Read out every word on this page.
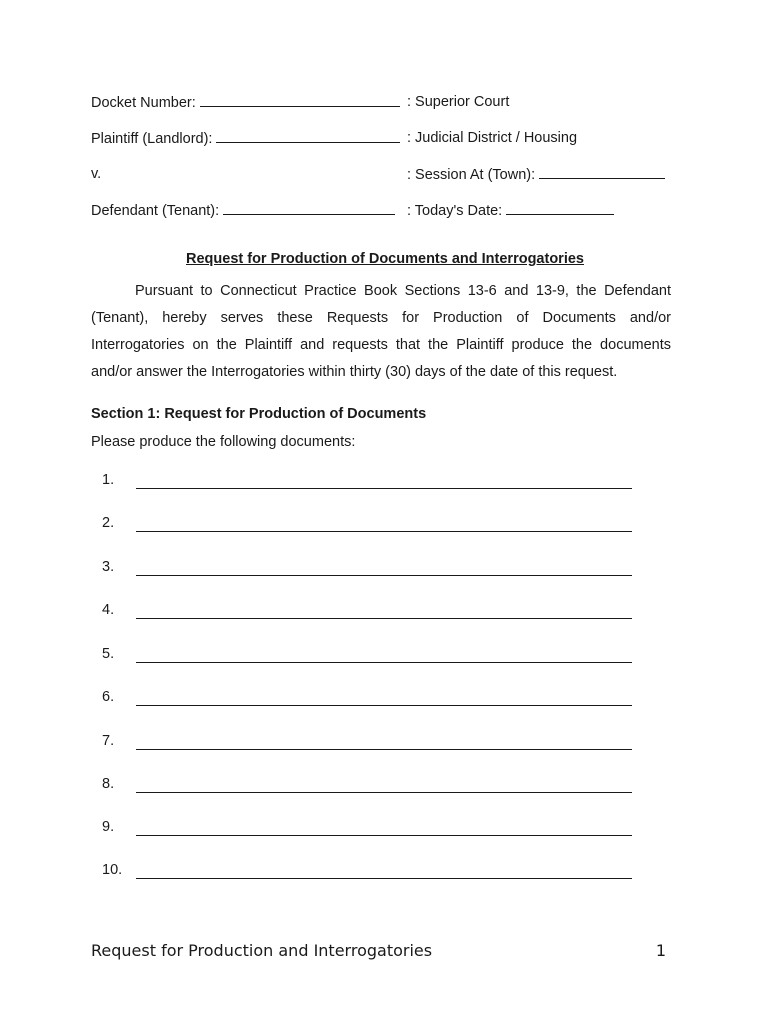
Docket Number:	: Superior Court
Plaintiff (Landlord):	: Judicial District / Housing
v.	: Session At (Town):
Defendant (Tenant):	: Today's Date:
Request for Production of Documents and Interrogatories
Pursuant to Connecticut Practice Book Sections 13-6 and 13-9, the Defendant (Tenant), hereby serves these Requests for Production of Documents and/or Interrogatories on the Plaintiff and requests that the Plaintiff produce the documents and/or answer the Interrogatories within thirty (30) days of the date of this request.
Section 1: Request for Production of Documents
Please produce the following documents:
1.
2.
3.
4.
5.
6.
7.
8.
9.
10.
Request for Production and Interrogatories	1
